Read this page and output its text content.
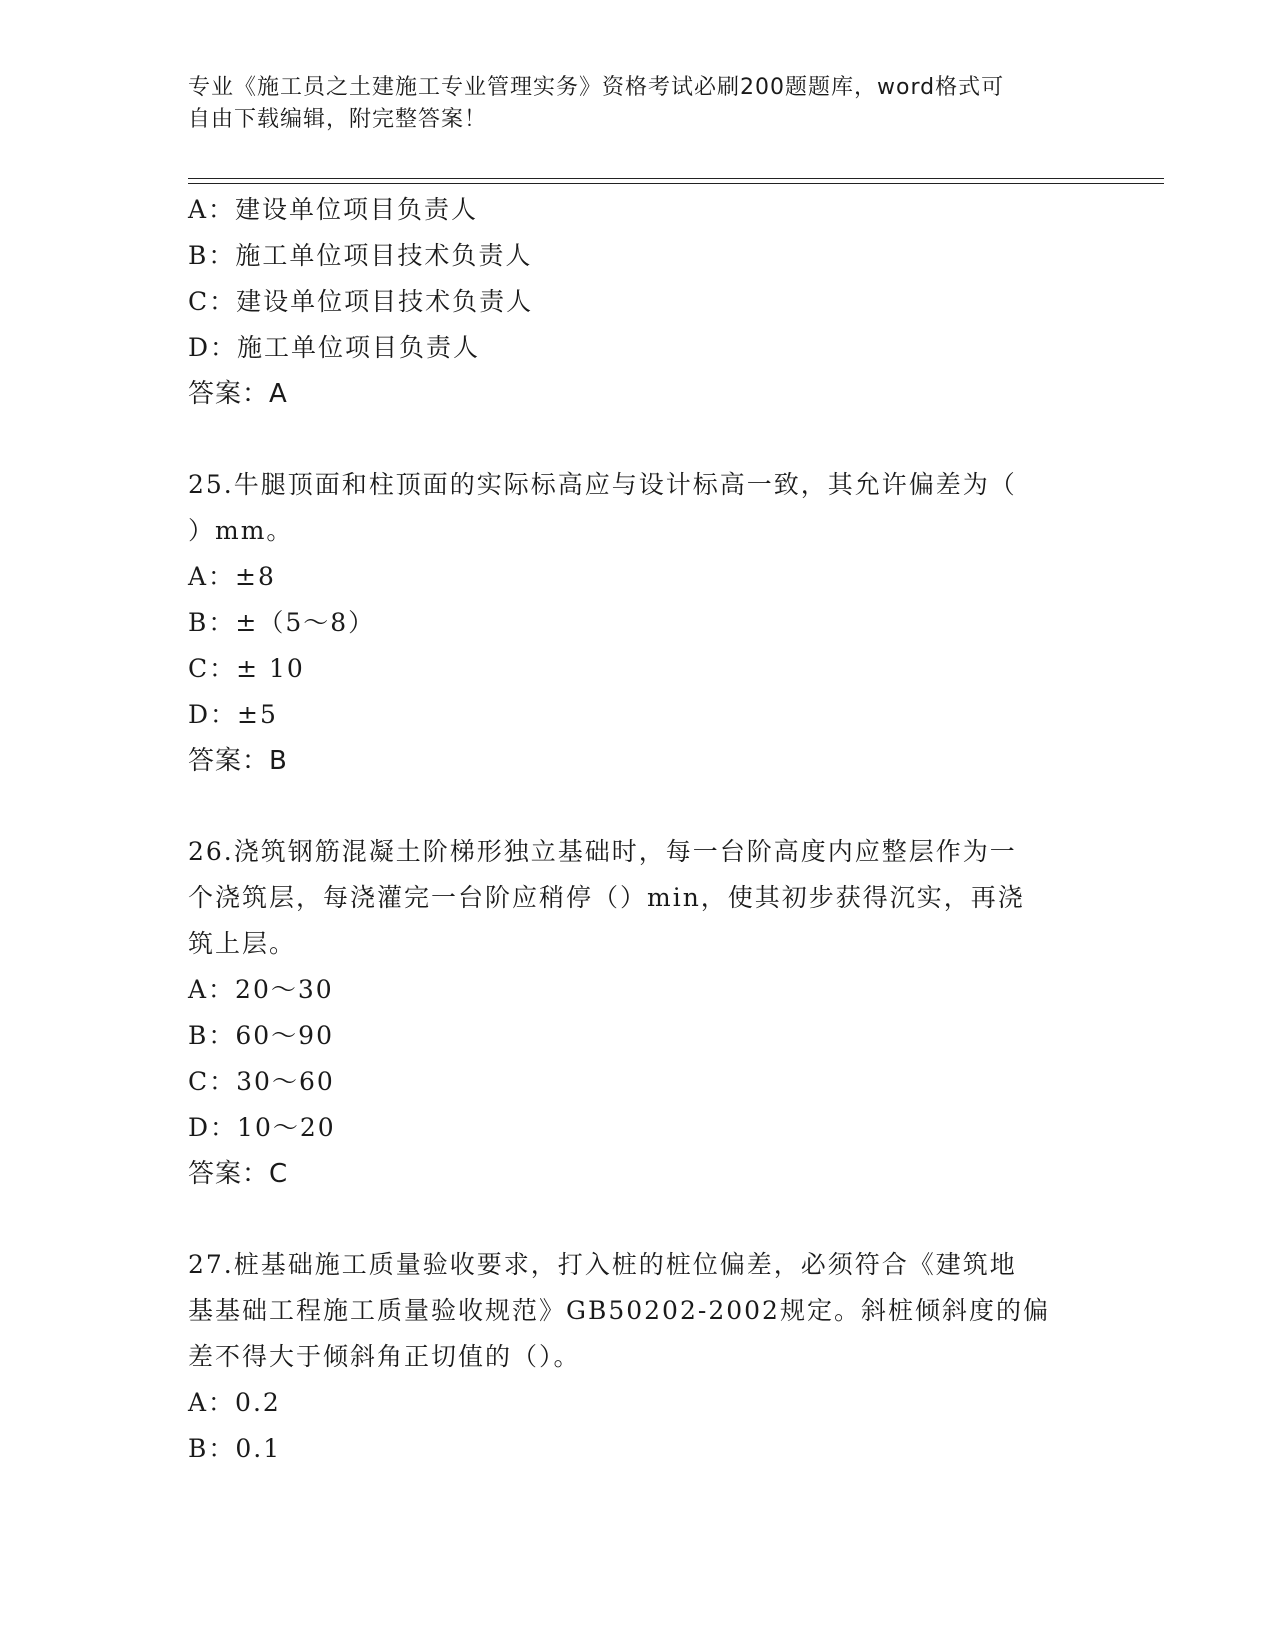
专业《施工员之土建施工专业管理实务》资格考试必刷200题题库，word格式可
自由下载编辑，附完整答案！
A：建设单位项目负责人
B：施工单位项目技术负责人
C：建设单位项目技术负责人
D：施工单位项目负责人
答案：A
25.牛腿顶面和柱顶面的实际标高应与设计标高一致，其允许偏差为（
）mm。
A：±8
B：±（5～8）
C：± 10
D：±5
答案：B
26.浇筑钢筋混凝土阶梯形独立基础时，每一台阶高度内应整层作为一
个浇筑层，每浇灌完一台阶应稍停（）min，使其初步获得沉实，再浇
筑上层。
A：20～30
B：60～90
C：30～60
D：10～20
答案：C
27.桩基础施工质量验收要求，打入桩的桩位偏差，必须符合《建筑地
基基础工程施工质量验收规范》GB50202-2002规定。斜桩倾斜度的偏
差不得大于倾斜角正切值的（）。
A：0.2
B：0.1
